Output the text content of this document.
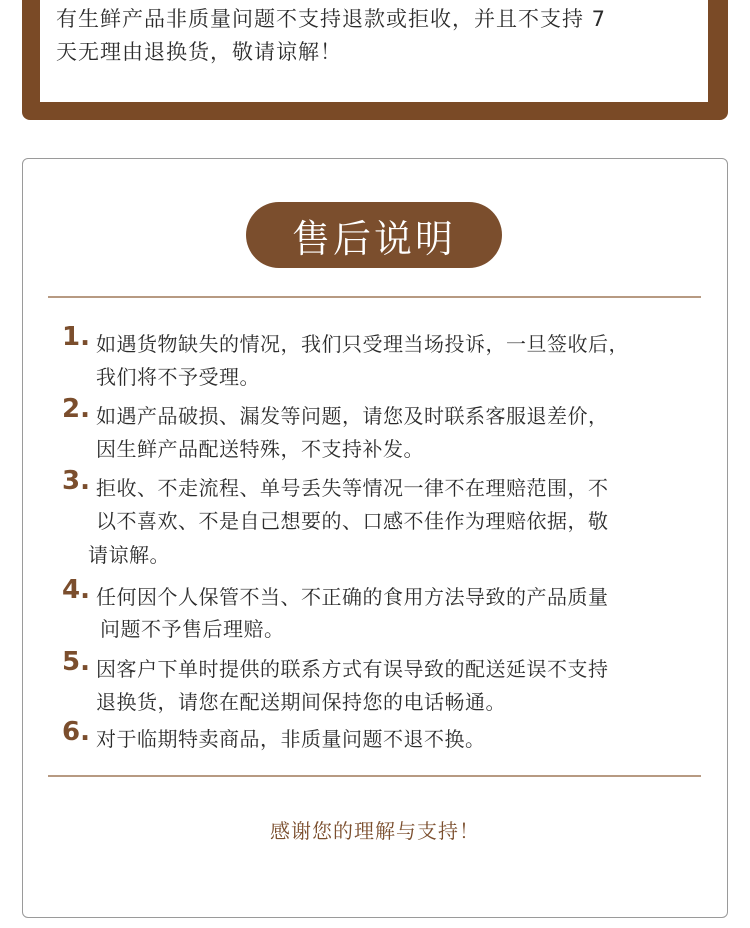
有生鲜产品非质量问题不支持退款或拒收，并且不支持 7
天无理由退换货，敬请谅解！
售后说明
1. 如遇货物缺失的情况，我们只受理当场投诉，一旦签收后，
我们将不予受理。
2. 如遇产品破损、漏发等问题，请您及时联系客服退差价，
因生鲜产品配送特殊，不支持补发。
3. 拒收、不走流程、单号丢失等情况一律不在理赔范围，不
以不喜欢、不是自己想要的、口感不佳作为理赔依据，敬
请谅解。
4. 任何因个人保管不当、不正确的食用方法导致的产品质量
问题不予售后理赔。
5. 因客户下单时提供的联系方式有误导致的配送延误不支持
退换货，请您在配送期间保持您的电话畅通。
6. 对于临期特卖商品，非质量问题不退不换。
感谢您的理解与支持！
